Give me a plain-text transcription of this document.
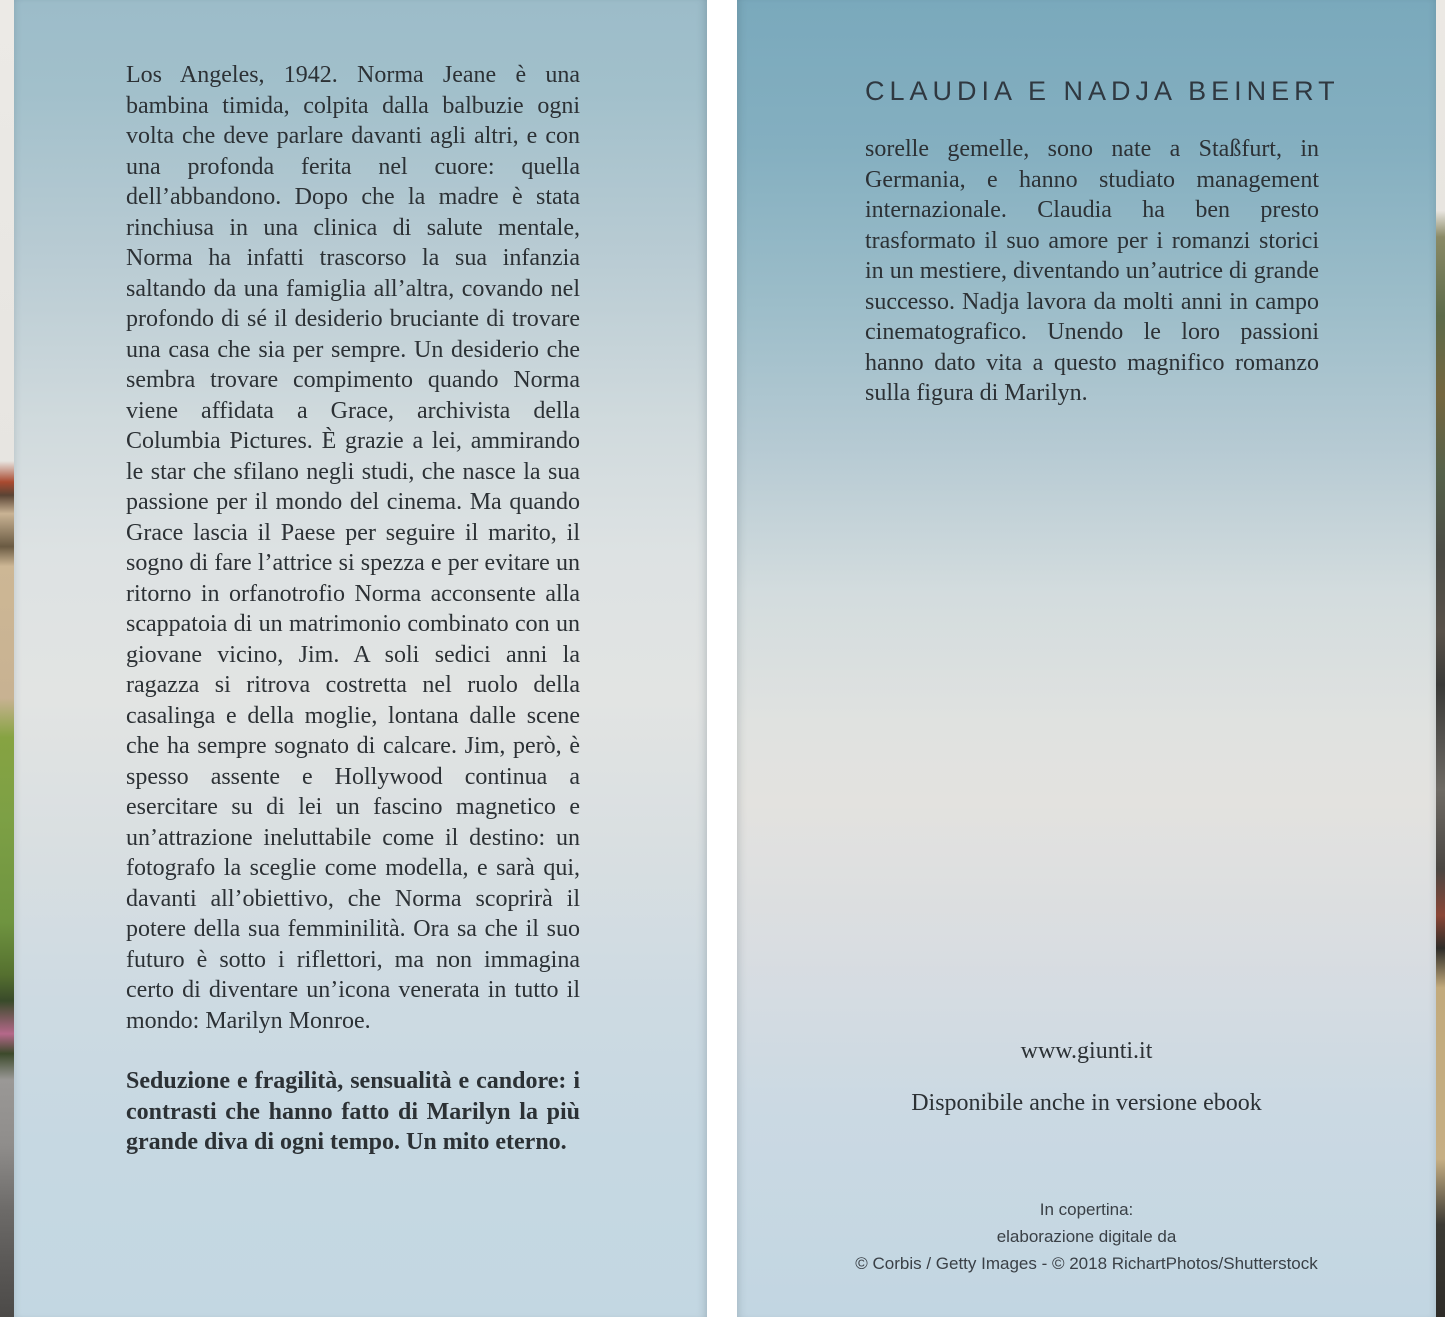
Los Angeles, 1942. Norma Jeane è una bambina timida, colpita dalla balbuzie ogni volta che deve parlare davanti agli altri, e con una profonda ferita nel cuore: quella dell’abbandono. Dopo che la madre è stata rinchiusa in una clinica di salute mentale, Norma ha infatti trascorso la sua infanzia saltando da una famiglia all’altra, covando nel profondo di sé il desiderio bruciante di trovare una casa che sia per sempre. Un desiderio che sembra trovare compimento quando Norma viene affidata a Grace, archivista della Columbia Pictures. È grazie a lei, ammirando le star che sfilano negli studi, che nasce la sua passione per il mondo del cinema. Ma quando Grace lascia il Paese per seguire il marito, il sogno di fare l’attrice si spezza e per evitare un ritorno in orfanotrofio Norma acconsente alla scappatoia di un matrimonio combinato con un giovane vicino, Jim. A soli sedici anni la ragazza si ritrova costretta nel ruolo della casalinga e della moglie, lontana dalle scene che ha sempre sognato di calcare. Jim, però, è spesso assente e Hollywood continua a esercitare su di lei un fascino magnetico e un’attrazione ineluttabile come il destino: un fotografo la sceglie come modella, e sarà qui, davanti all’obiettivo, che Norma scoprirà il potere della sua femminilità. Ora sa che il suo futuro è sotto i riflettori, ma non immagina certo di diventare un’icona venerata in tutto il mondo: Marilyn Monroe.

Seduzione e fragilità, sensualità e candore: i contrasti che hanno fatto di Marilyn la più grande diva di ogni tempo. Un mito eterno.

CLAUDIA E NADJA BEINERT

sorelle gemelle, sono nate a Staßfurt, in Germania, e hanno studiato management internazionale. Claudia ha ben presto trasformato il suo amore per i romanzi storici in un mestiere, diventando un’autrice di grande successo. Nadja lavora da molti anni in campo cinematografico. Unendo le loro passioni hanno dato vita a questo magnifico romanzo sulla figura di Marilyn.

www.giunti.it
Disponibile anche in versione ebook
In copertina:
elaborazione digitale da
© Corbis / Getty Images - © 2018 RichartPhotos/Shutterstock
